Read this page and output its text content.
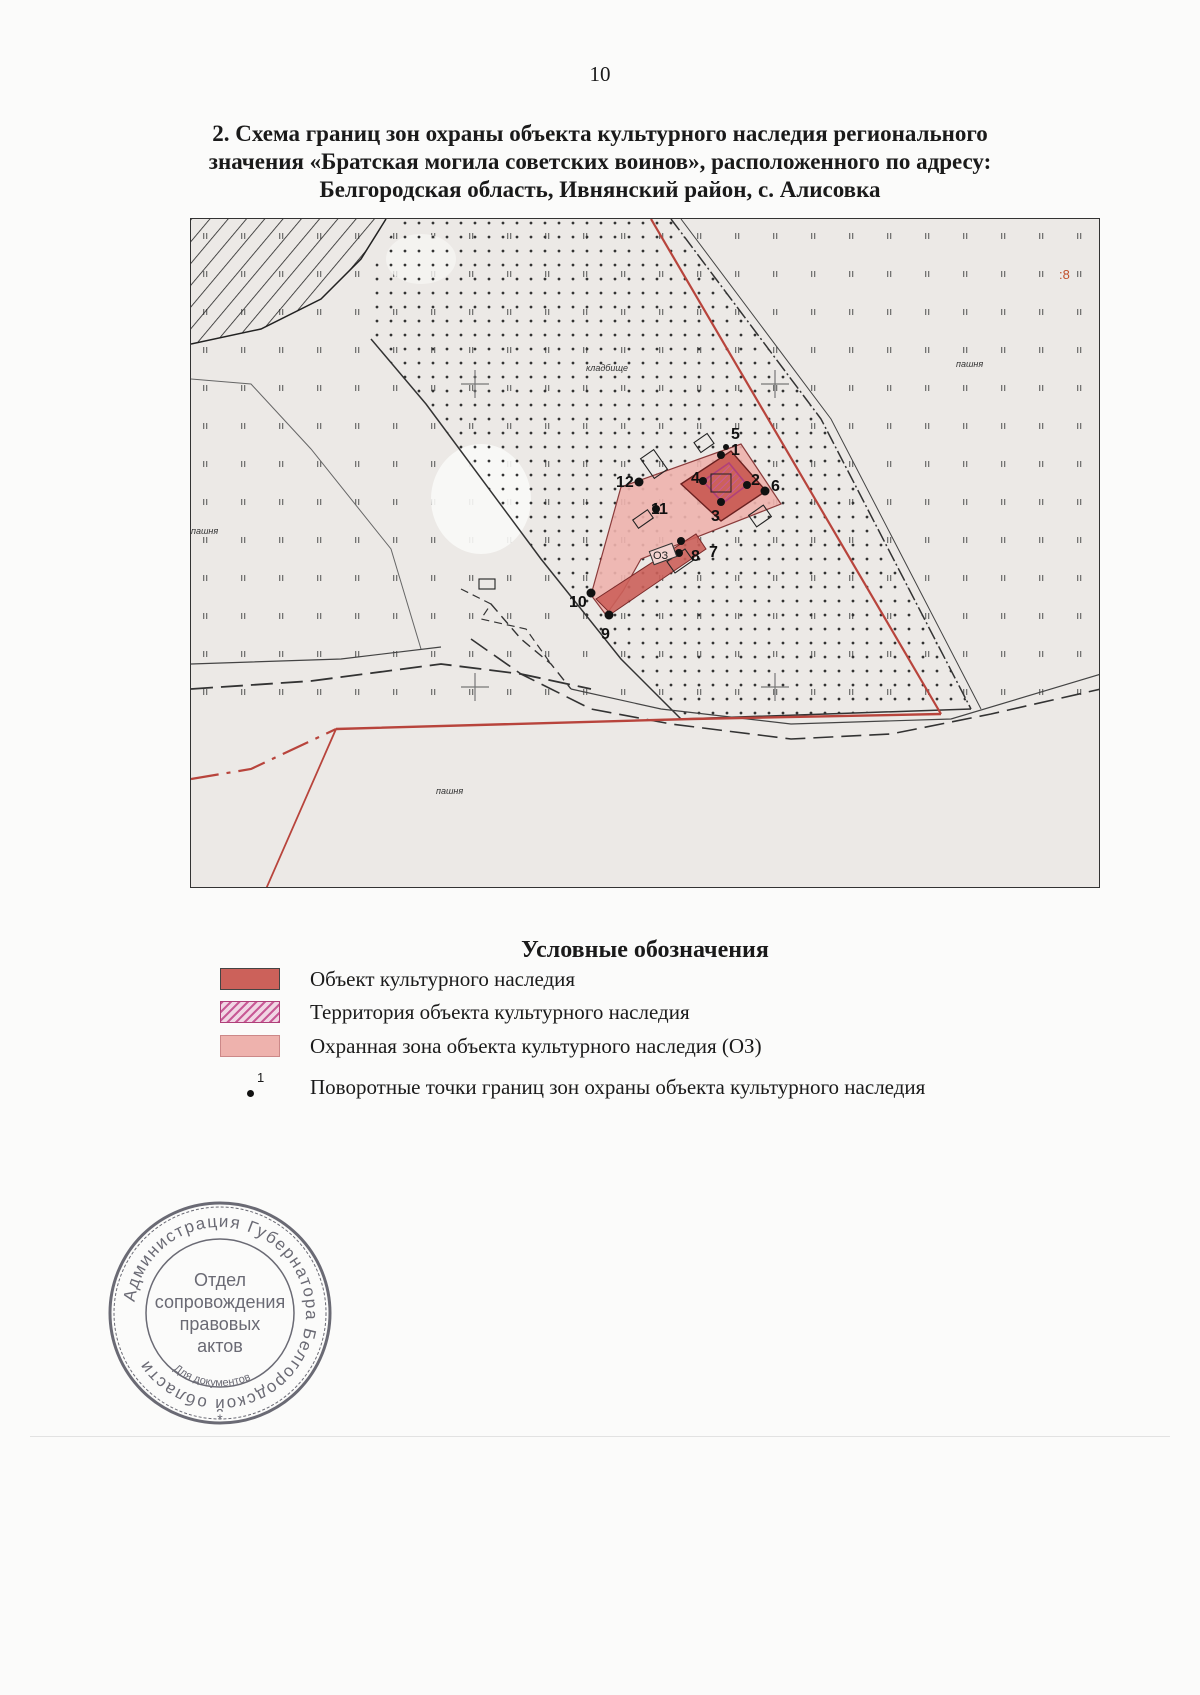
10
2. Схема границ зон охраны объекта культурного наследия регионального
значения «Братская могила советских воинов», расположенного по адресу:
Белгородская область, Ивнянский район, с. Алисовка
1
2
3
4
5
6
7
8
9
10
11
12
ОЗ
кладбище	пашня
пашня
пашня
:8
Условные обозначения
Объект культурного наследия
Территория объекта культурного наследия
Охранная зона объекта культурного наследия (ОЗ)
1 Поворотные точки границ зон охраны объекта культурного наследия
Администрация Губернатора Белгородской области	Для документов
*
Отдел
сопровождения
правовых
актов
